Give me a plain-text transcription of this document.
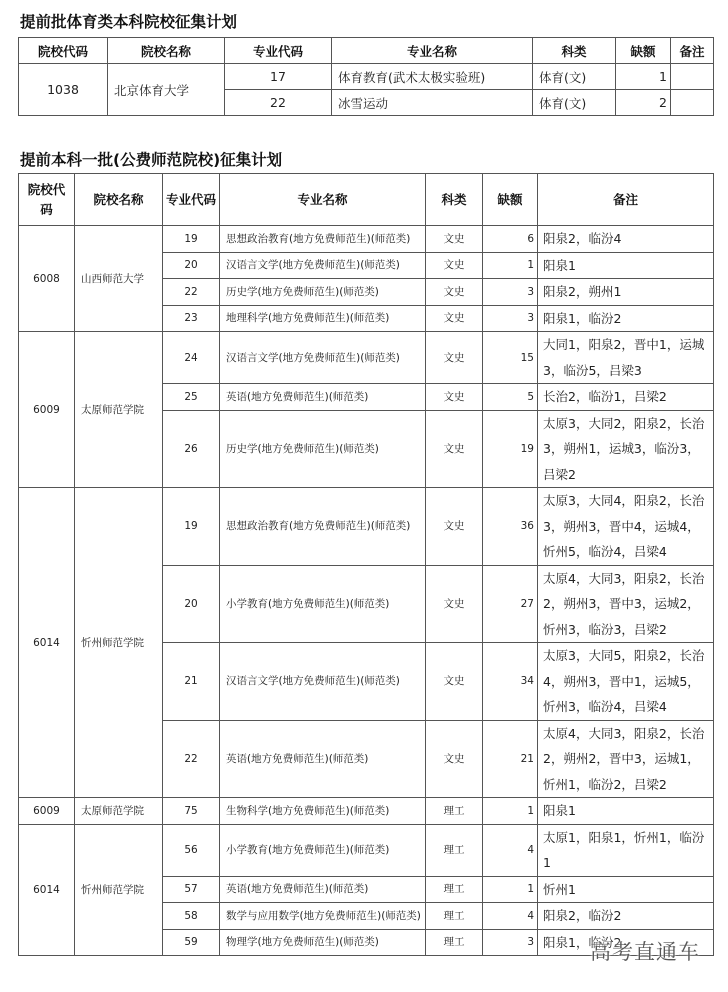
提前批体育类本科院校征集计划
院校代码	院校名称	专业代码	专业名称	科类	缺额	备注
1038	北京体育大学	17	体育教育(武术太极实验班)	体育(文)	1	
		22	冰雪运动	体育(文)	2	
提前本科一批(公费师范院校)征集计划
院校代码	院校名称	专业代码	专业名称	科类	缺额	备注
6008	山西师范大学	19	思想政治教育(地方免费师范生)(师范类)	文史	6	阳泉2，临汾4
		20	汉语言文学(地方免费师范生)(师范类)	文史	1	阳泉1
		22	历史学(地方免费师范生)(师范类)	文史	3	阳泉2，朔州1
		23	地理科学(地方免费师范生)(师范类)	文史	3	阳泉1，临汾2
6009	太原师范学院	24	汉语言文学(地方免费师范生)(师范类)	文史	15	大同1，阳泉2，晋中1，运城3，临汾5，吕梁3
		25	英语(地方免费师范生)(师范类)	文史	5	长治2，临汾1，吕梁2
		26	历史学(地方免费师范生)(师范类)	文史	19	太原3，大同2，阳泉2，长治3，朔州1，运城3，临汾3，吕梁2
6014	忻州师范学院	19	思想政治教育(地方免费师范生)(师范类)	文史	36	太原3，大同4，阳泉2，长治3，朔州3，晋中4，运城4，忻州5，临汾4，吕梁4
		20	小学教育(地方免费师范生)(师范类)	文史	27	太原4，大同3，阳泉2，长治2，朔州3，晋中3，运城2，忻州3，临汾3，吕梁2
		21	汉语言文学(地方免费师范生)(师范类)	文史	34	太原3，大同5，阳泉2，长治4，朔州3，晋中1，运城5，忻州3，临汾4，吕梁4
		22	英语(地方免费师范生)(师范类)	文史	21	太原4，大同3，阳泉2，长治2，朔州2，晋中3，运城1，忻州1，临汾2，吕梁2
6009	太原师范学院	75	生物科学(地方免费师范生)(师范类)	理工	1	阳泉1
6014	忻州师范学院	56	小学教育(地方免费师范生)(师范类)	理工	4	太原1，阳泉1，忻州1，临汾1
		57	英语(地方免费师范生)(师范类)	理工	1	忻州1
		58	数学与应用数学(地方免费师范生)(师范类)	理工	4	阳泉2，临汾2
		59	物理学(地方免费师范生)(师范类)	理工	3	阳泉1，临汾2
高考直通车
